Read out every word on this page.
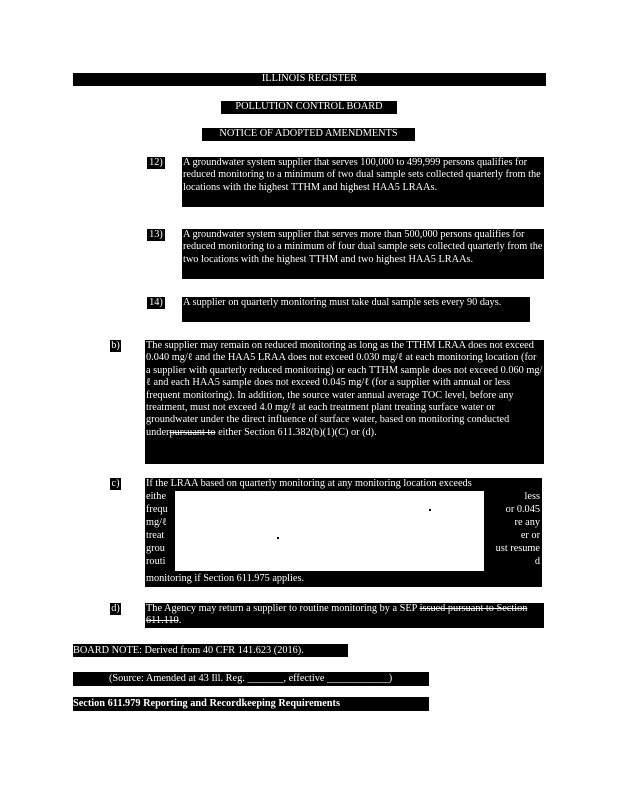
ILLINOIS REGISTER
POLLUTION CONTROL BOARD
NOTICE OF ADOPTED AMENDMENTS
12) A groundwater system supplier that serves 100,000 to 499,999 persons qualifies for reduced monitoring to a minimum of two dual sample sets collected quarterly from the locations with the highest TTHM and highest HAA5 LRAAs.
13) A groundwater system supplier that serves more than 500,000 persons qualifies for reduced monitoring to a minimum of four dual sample sets collected quarterly from the two locations with the highest TTHM and two highest HAA5 LRAAs.
14) A supplier on quarterly monitoring must take dual sample sets every 90 days.
b)	The supplier may remain on reduced monitoring as long as the TTHM LRAA does not exceed 0.040 mg/ℓ and the HAA5 LRAA does not exceed 0.030 mg/ℓ at each monitoring location (for a supplier with quarterly reduced monitoring) or each TTHM sample does not exceed 0.060 mg/ℓ and each HAA5 sample does not exceed 0.045 mg/ℓ (for a supplier with annual or less frequent monitoring). In addition, the source water annual average TOC level, before any treatment, must not exceed 4.0 mg/ℓ at each treatment plant treating surface water or groundwater under the direct influence of surface water, based on monitoring conducted underpursuant to either Section 611.382(b)(1)(C) or (d).
c)	If the LRAA based on quarterly monitoring at any monitoring location exceeds
eithe
frequ
mg/ℓ
treat
grou
routi
less
or 0.045
re any
er or
ust resume
d
monitoring if Section 611.975 applies.
d)	The Agency may return a supplier to routine monitoring by a SEP issued pursuant to Section 611.110.
BOARD NOTE: Derived from 40 CFR 141.623 (2016).
(Source: Amended at 43 Ill. Reg. _______, effective ____________)
Section 611.979 Reporting and Recordkeeping Requirements
